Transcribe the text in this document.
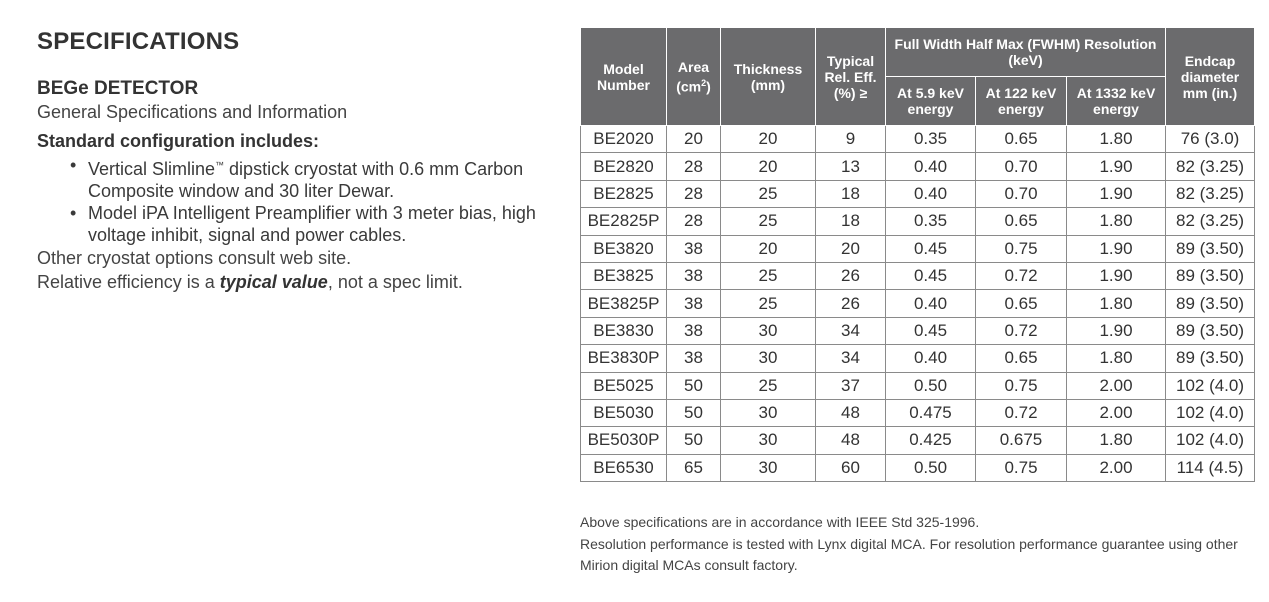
SPECIFICATIONS
BEGe DETECTOR

General Specifications and Information

Standard configuration includes:

• Vertical Slimline™ dipstick cryostat with 0.6 mm Carbon Composite window and 30 liter Dewar.
• Model iPA Intelligent Preamplifier with 3 meter bias, high voltage inhibit, signal and power cables.

Other cryostat options consult web site.

Relative efficiency is a typical value, not a spec limit.

Model Number	Area $(cm^2)$	Thickness (mm)	Typical Rel. Eff. (%) ≥	Full Width Half Max (FWHM) Resolution (keV)			Endcap diameter mm (in.)
				At 5.9 keV energy	At 122 keV energy	At 1332 keV energy	
BE2020	20	20	9	0.35	0.65	1.80	76 (3.0)
BE2820	28	20	13	0.40	0.70	1.90	82 (3.25)
BE2825	28	25	18	0.40	0.70	1.90	82 (3.25)
BE2825P	28	25	18	0.35	0.65	1.80	82 (3.25)
BE3820	38	20	20	0.45	0.75	1.90	89 (3.50)
BE3825	38	25	26	0.45	0.72	1.90	89 (3.50)
BE3825P	38	25	26	0.40	0.65	1.80	89 (3.50)
BE3830	38	30	34	0.45	0.72	1.90	89 (3.50)
BE3830P	38	30	34	0.40	0.65	1.80	89 (3.50)
BE5025	50	25	37	0.50	0.75	2.00	102 (4.0)
BE5030	50	30	48	0.475	0.72	2.00	102 (4.0)
BE5030P	50	30	48	0.425	0.675	1.80	102 (4.0)
BE6530	65	30	60	0.50	0.75	2.00	114 (4.5)

Above specifications are in accordance with IEEE Std 325-1996.

Resolution performance is tested with Lynx digital MCA. For resolution performance guarantee using other Mirion digital MCAs consult factory.
